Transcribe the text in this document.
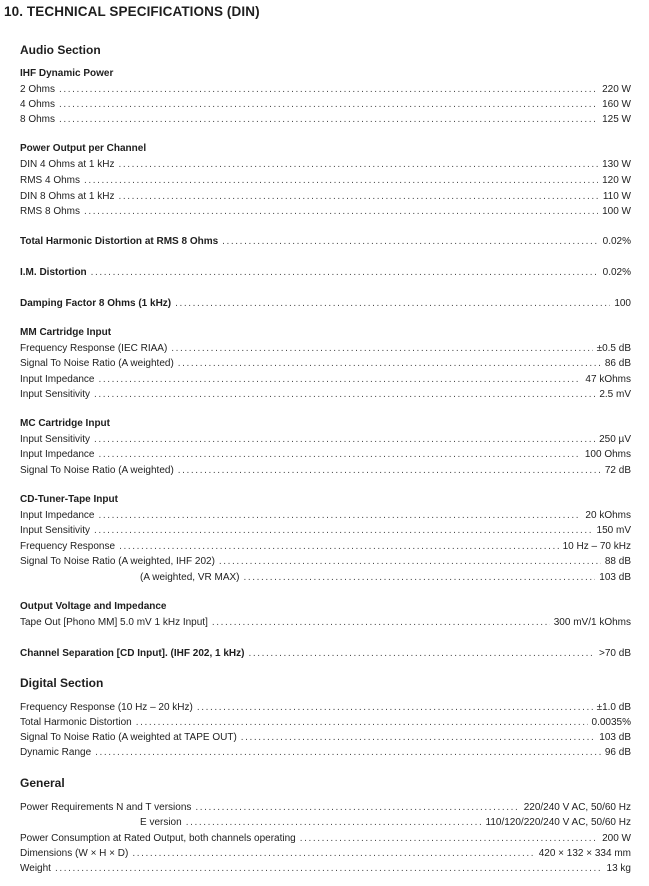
10. TECHNICAL SPECIFICATIONS (DIN)
Audio Section
IHF Dynamic Power
2 Ohms .....	220 W
4 Ohms .....	160 W
8 Ohms .....	125 W
Power Output per Channel
DIN 4 Ohms at 1 kHz .....	130 W
RMS 4 Ohms .....	120 W
DIN 8 Ohms at 1 kHz .....	110 W
RMS 8 Ohms .....	100 W
Total Harmonic Distortion at RMS 8 Ohms .....	0.02%
I.M. Distortion .....	0.02%
Damping Factor 8 Ohms (1 kHz) .....	100
MM Cartridge Input
Frequency Response (IEC RIAA) .....	±0.5 dB
Signal To Noise Ratio (A weighted) .....	86 dB
Input Impedance .....	47 kOhms
Input Sensitivity .....	2.5 mV
MC Cartridge Input
Input Sensitivity .....	250 µV
Input Impedance .....	100 Ohms
Signal To Noise Ratio (A weighted) .....	72 dB
CD-Tuner-Tape Input
Input Impedance .....	20 kOhms
Input Sensitivity .....	150 mV
Frequency Response .....	10 Hz – 70 kHz
Signal To Noise Ratio (A weighted, IHF 202) .....	88 dB
(A weighted, VR MAX) .....	103 dB
Output Voltage and Impedance
Tape Out [Phono MM] 5.0 mV 1 kHz Input] .....	300 mV/1 kOhms
Channel Separation [CD Input]. (IHF 202, 1 kHz) .....	>70 dB
Digital Section
Frequency Response (10 Hz – 20 kHz) .....	±1.0 dB
Total Harmonic Distortion .....	0.0035%
Signal To Noise Ratio (A weighted at TAPE OUT) .....	103 dB
Dynamic Range .....	96 dB
General
Power Requirements N and T versions .....	220/240 V AC, 50/60 Hz
E version .....	110/120/220/240 V AC, 50/60 Hz
Power Consumption at Rated Output, both channels operating .....	200 W
Dimensions (W × H × D) .....	420 × 132 × 334 mm
Weight .....	13 kg
